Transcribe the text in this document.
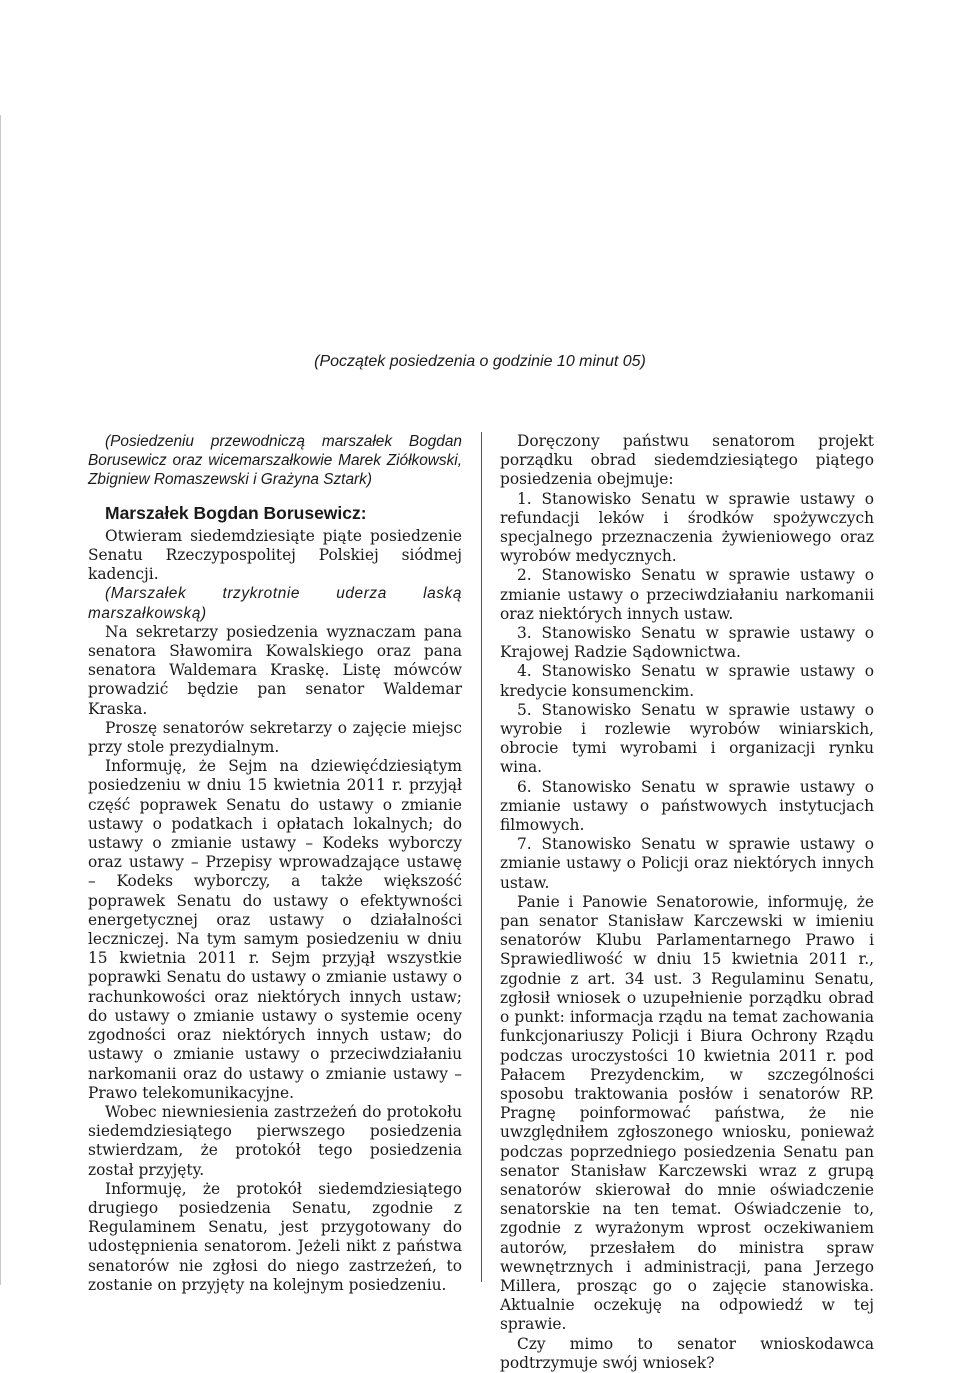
(Początek posiedzenia o godzinie 10 minut 05)

(Posiedzeniu przewodniczą marszałek Bogdan Borusewicz oraz wicemarszałkowie Marek Ziółkowski, Zbigniew Romaszewski i Grażyna Sztark)

Marszałek Bogdan Borusewicz:

Otwieram siedemdziesiąte piąte posiedzenie Senatu Rzeczypospolitej Polskiej siódmej kadencji.

(Marszałek trzykrotnie uderza laską marszałkowską)

Na sekretarzy posiedzenia wyznaczam pana senatora Sławomira Kowalskiego oraz pana senatora Waldemara Kraskę. Listę mówców prowadzić będzie pan senator Waldemar Kraska.

Proszę senatorów sekretarzy o zajęcie miejsc przy stole prezydialnym.

Informuję, że Sejm na dziewięćdziesiątym posiedzeniu w dniu 15 kwietnia 2011 r. przyjął część poprawek Senatu do ustawy o zmianie ustawy o podatkach i opłatach lokalnych; do ustawy o zmianie ustawy – Kodeks wyborczy oraz ustawy – Przepisy wprowadzające ustawę – Kodeks wyborczy, a także większość poprawek Senatu do ustawy o efektywności energetycznej oraz ustawy o działalności leczniczej. Na tym samym posiedzeniu w dniu 15 kwietnia 2011 r. Sejm przyjął wszystkie poprawki Senatu do ustawy o zmianie ustawy o rachunkowości oraz niektórych innych ustaw; do ustawy o zmianie ustawy o systemie oceny zgodności oraz niektórych innych ustaw; do ustawy o zmianie ustawy o przeciwdziałaniu narkomanii oraz do ustawy o zmianie ustawy – Prawo telekomunikacyjne.

Wobec niewniesienia zastrzeżeń do protokołu siedemdziesiątego pierwszego posiedzenia stwierdzam, że protokół tego posiedzenia został przyjęty.

Informuję, że protokół siedemdziesiątego drugiego posiedzenia Senatu, zgodnie z Regulaminem Senatu, jest przygotowany do udostępnienia senatorom. Jeżeli nikt z państwa senatorów nie zgłosi do niego zastrzeżeń, to zostanie on przyjęty na kolejnym posiedzeniu.

Doręczony państwu senatorom projekt porządku obrad siedemdziesiątego piątego posiedzenia obejmuje:

1. Stanowisko Senatu w sprawie ustawy o refundacji leków i środków spożywczych specjalnego przeznaczenia żywieniowego oraz wyrobów medycznych.

2. Stanowisko Senatu w sprawie ustawy o zmianie ustawy o przeciwdziałaniu narkomanii oraz niektórych innych ustaw.

3. Stanowisko Senatu w sprawie ustawy o Krajowej Radzie Sądownictwa.

4. Stanowisko Senatu w sprawie ustawy o kredycie konsumenckim.

5. Stanowisko Senatu w sprawie ustawy o wyrobie i rozlewie wyrobów winiarskich, obrocie tymi wyrobami i organizacji rynku wina.

6. Stanowisko Senatu w sprawie ustawy o zmianie ustawy o państwowych instytucjach filmowych.

7. Stanowisko Senatu w sprawie ustawy o zmianie ustawy o Policji oraz niektórych innych ustaw.

Panie i Panowie Senatorowie, informuję, że pan senator Stanisław Karczewski w imieniu senatorów Klubu Parlamentarnego Prawo i Sprawiedliwość w dniu 15 kwietnia 2011 r., zgodnie z art. 34 ust. 3 Regulaminu Senatu, zgłosił wniosek o uzupełnienie porządku obrad o punkt: informacja rządu na temat zachowania funkcjonariuszy Policji i Biura Ochrony Rządu podczas uroczystości 10 kwietnia 2011 r. pod Pałacem Prezydenckim, w szczególności sposobu traktowania posłów i senatorów RP. Pragnę poinformować państwa, że nie uwzględniłem zgłoszonego wniosku, ponieważ podczas poprzedniego posiedzenia Senatu pan senator Stanisław Karczewski wraz z grupą senatorów skierował do mnie oświadczenie senatorskie na ten temat. Oświadczenie to, zgodnie z wyrażonym wprost oczekiwaniem autorów, przesłałem do ministra spraw wewnętrznych i administracji, pana Jerzego Millera, prosząc go o zajęcie stanowiska. Aktualnie oczekuję na odpowiedź w tej sprawie.

Czy mimo to senator wnioskodawca podtrzymuje swój wniosek?
